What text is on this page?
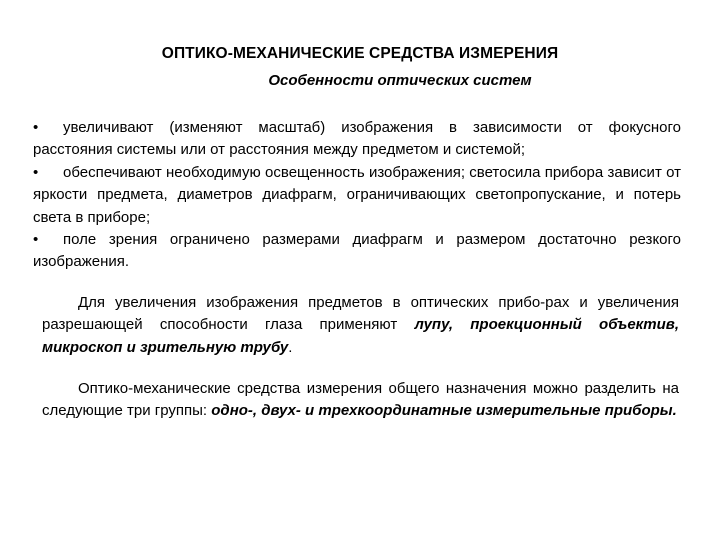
ОПТИКО-МЕХАНИЧЕСКИЕ СРЕДСТВА ИЗМЕРЕНИЯ
Особенности оптических систем

• увеличивают (изменяют масштаб) изображения в зависимости от фокусного расстояния системы или от расстояния между предметом и системой;

• обеспечивают необходимую освещенность изображения; светосила прибора зависит от яркости предмета, диаметров диафрагм, ограничивающих светопропускание, и потерь света в приборе;

• поле зрения ограничено размерами диафрагм и размером достаточно резкого изображения.

Для увеличения изображения предметов в оптических прибо-рах и увеличения разрешающей способности глаза применяют лупу, проекционный объектив, микроскоп и зрительную трубу.

Оптико-механические средства измерения общего назначения можно разделить на следующие три группы: одно-, двух- и трехкоординатные измерительные приборы.
